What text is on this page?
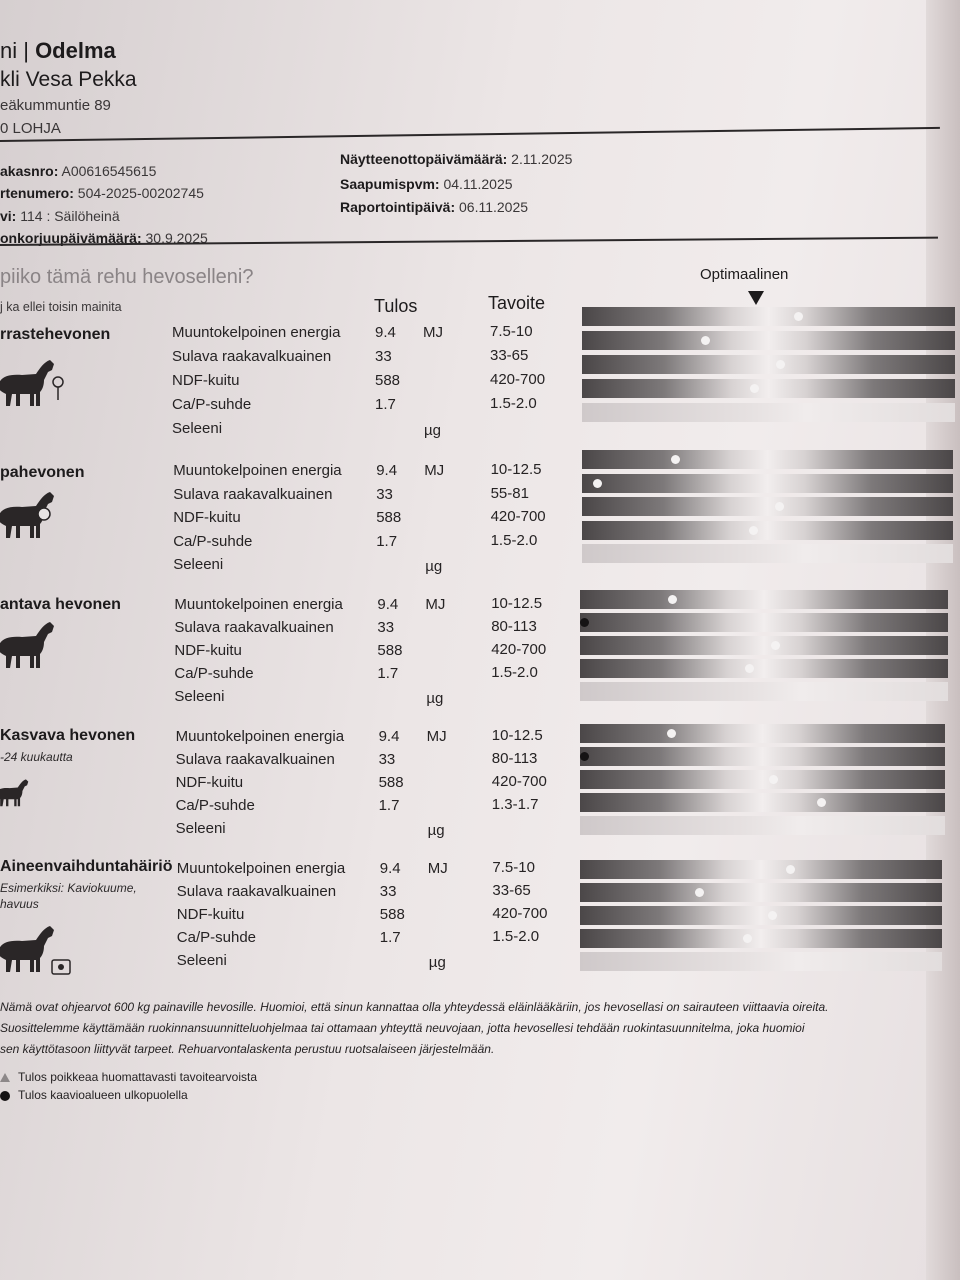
ni | Odelma
kli Vesa Pekka
eäkummuntie 89
0 LOHJA
akasnro: A00616545615
rtenumero: 504-2025-00202745
vi: 114 : Säilöheinä
onkorjuupäivämäärä: 30.9.2025
Näytteenottopäivämäärä: 2.11.2025
Saapumispvm: 04.11.2025
Raportointipäivä: 06.11.2025
piiko tämä rehu hevoselleni?
j ka ellei toisin mainita	Tulos	Tavoite
Optimaalinen
rrastehevonen	Muuntokelpoinen energia 9.4 MJ	7.5-10
Sulava raakavalkuainen	33	33-65
NDF-kuitu	588	420-700
Ca/P-suhde	1.7	1.5-2.0
Seleeni	µg
pahevonen	Muuntokelpoinen energia 9.4 MJ	10-12.5
Sulava raakavalkuainen	33	55-81
NDF-kuitu	588	420-700
Ca/P-suhde	1.7	1.5-2.0
Seleeni	µg
antava hevonen	Muuntokelpoinen energia 9.4 MJ	10-12.5
Sulava raakavalkuainen	33	80-113
NDF-kuitu	588	420-700
Ca/P-suhde	1.7	1.5-2.0
Seleeni	µg
Kasvava hevonen
-24 kuukautta
Muuntokelpoinen energia 9.4 MJ	10-12.5
Sulava raakavalkuainen	33	80-113
NDF-kuitu	588	420-700
Ca/P-suhde	1.7	1.3-1.7
Seleeni	µg
Aineenvaihduntahäiriö
Esimerkiksi: Kaviokuume,
havuus
Muuntokelpoinen energia 9.4 MJ	7.5-10
Sulava raakavalkuainen	33	33-65
NDF-kuitu	588	420-700
Ca/P-suhde	1.7	1.5-2.0
Seleeni	µg
Nämä ovat ohjearvot 600 kg painaville hevosille. Huomioi, että sinun kannattaa olla yhteydessä eläinlääkäriin, jos hevosellasi on sairauteen viittaavia oireita.
Suosittelemme käyttämään ruokinnansuunnitteluohjelmaa tai ottamaan yhteyttä neuvojaan, jotta hevosellesi tehdään ruokintasuunnitelma, joka huomioi
sen käyttötasoon liittyvät tarpeet. Rehuarvontalaskenta perustuu ruotsalaiseen järjestelmään.
Tulos poikkeaa huomattavasti tavoitearvoista
Tulos kaavioalueen ulkopuolella
